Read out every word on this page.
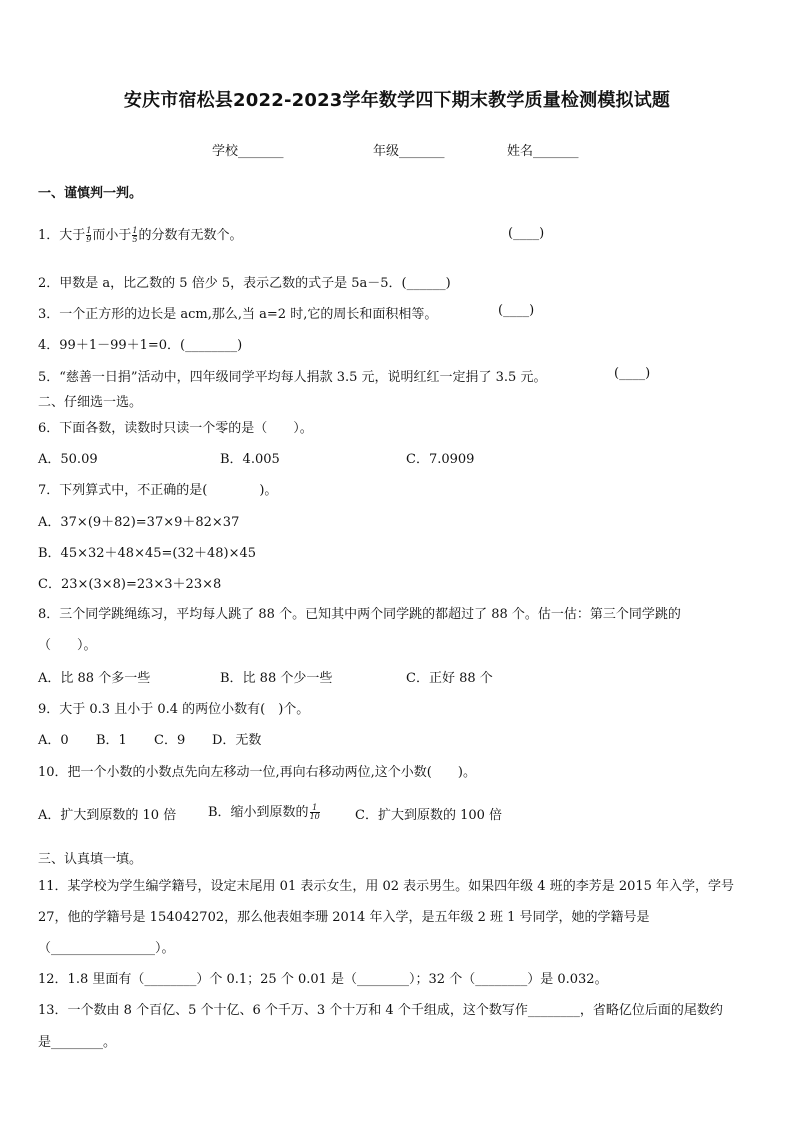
安庆市宿松县2022-2023学年数学四下期末教学质量检测模拟试题
学校_______	年级_______	姓名_______
一、谨慎判一判。
1．大于 $\frac{1}{9}$ 而小于 $\frac{1}{5}$ 的分数有无数个。	(____)
2．甲数是 a，比乙数的 5 倍少 5，表示乙数的式子是 5a－5．(______)
3．一个正方形的边长是 acm,那么,当 a=2 时,它的周长和面积相等。	(____)
4．99＋1－99＋1=0．(________)
5．“慈善一日捐”活动中，四年级同学平均每人捐款 3.5 元，说明红红一定捐了 3.5 元。	(____)
二、仔细选一选。
6．下面各数，读数时只读一个零的是（　　）。
A．50.09	B．4.005	C．7.0909
7．下列算式中，不正确的是(　　　　)。
A．37×(9＋82)=37×9＋82×37
B．45×32＋48×45=(32＋48)×45
C．23×(3×8)=23×3＋23×8
8．三个同学跳绳练习，平均每人跳了 88 个。已知其中两个同学跳的都超过了 88 个。估一估：第三个同学跳的
（　　）。
A．比 88 个多一些	B．比 88 个少一些	C．正好 88 个
9．大于 0.3 且小于 0.4 的两位小数有(　)个。
A．0 B．1 C．9 D．无数
10．把一个小数的小数点先向左移动一位,再向右移动两位,这个小数(　　)。
A．扩大到原数的 10 倍 B．缩小到原数的 $\frac{1}{10}$	C．扩大到原数的 100 倍
三、认真填一填。
11．某学校为学生编学籍号，设定末尾用 01 表示女生，用 02 表示男生。如果四年级 4 班的李芳是 2015 年入学，学号
27，他的学籍号是 154042702，那么他表姐李珊 2014 年入学，是五年级 2 班 1 号同学，她的学籍号是
（________________）。
12．1.8 里面有（________）个 0.1；25 个 0.01 是（________）；32 个（________）是 0.032。
13．一个数由 8 个百亿、5 个十亿、6 个千万、3 个十万和 4 个千组成，这个数写作________，省略亿位后面的尾数约
是________。
